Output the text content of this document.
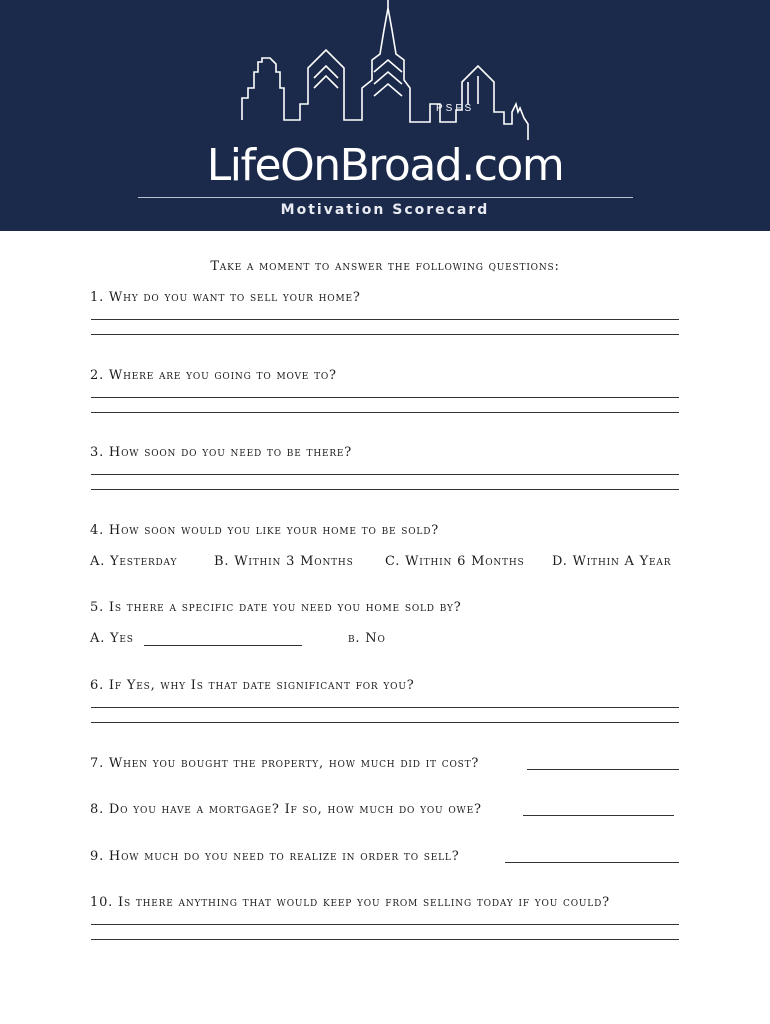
PSFS
LifeOnBroad.com
Motivation Scorecard
Take a moment to answer the following questions:
1. Why do you want to sell your home?
2. Where are you going to move to?
3. How soon do you need to be there?
4. How soon would you like your home to be sold?
A. Yesterday	B. Within 3 Months C. Within 6 Months D. Within A Year
5. Is there a specific date you need you home sold by?
A. Yes	b. No
6. If Yes, why Is that date significant for you?
7. When you bought the property, how much did it cost?
8. Do you have a mortgage? If so, how much do you owe?
9. How much do you need to realize in order to sell?
10. Is there anything that would keep you from selling today if you could?
